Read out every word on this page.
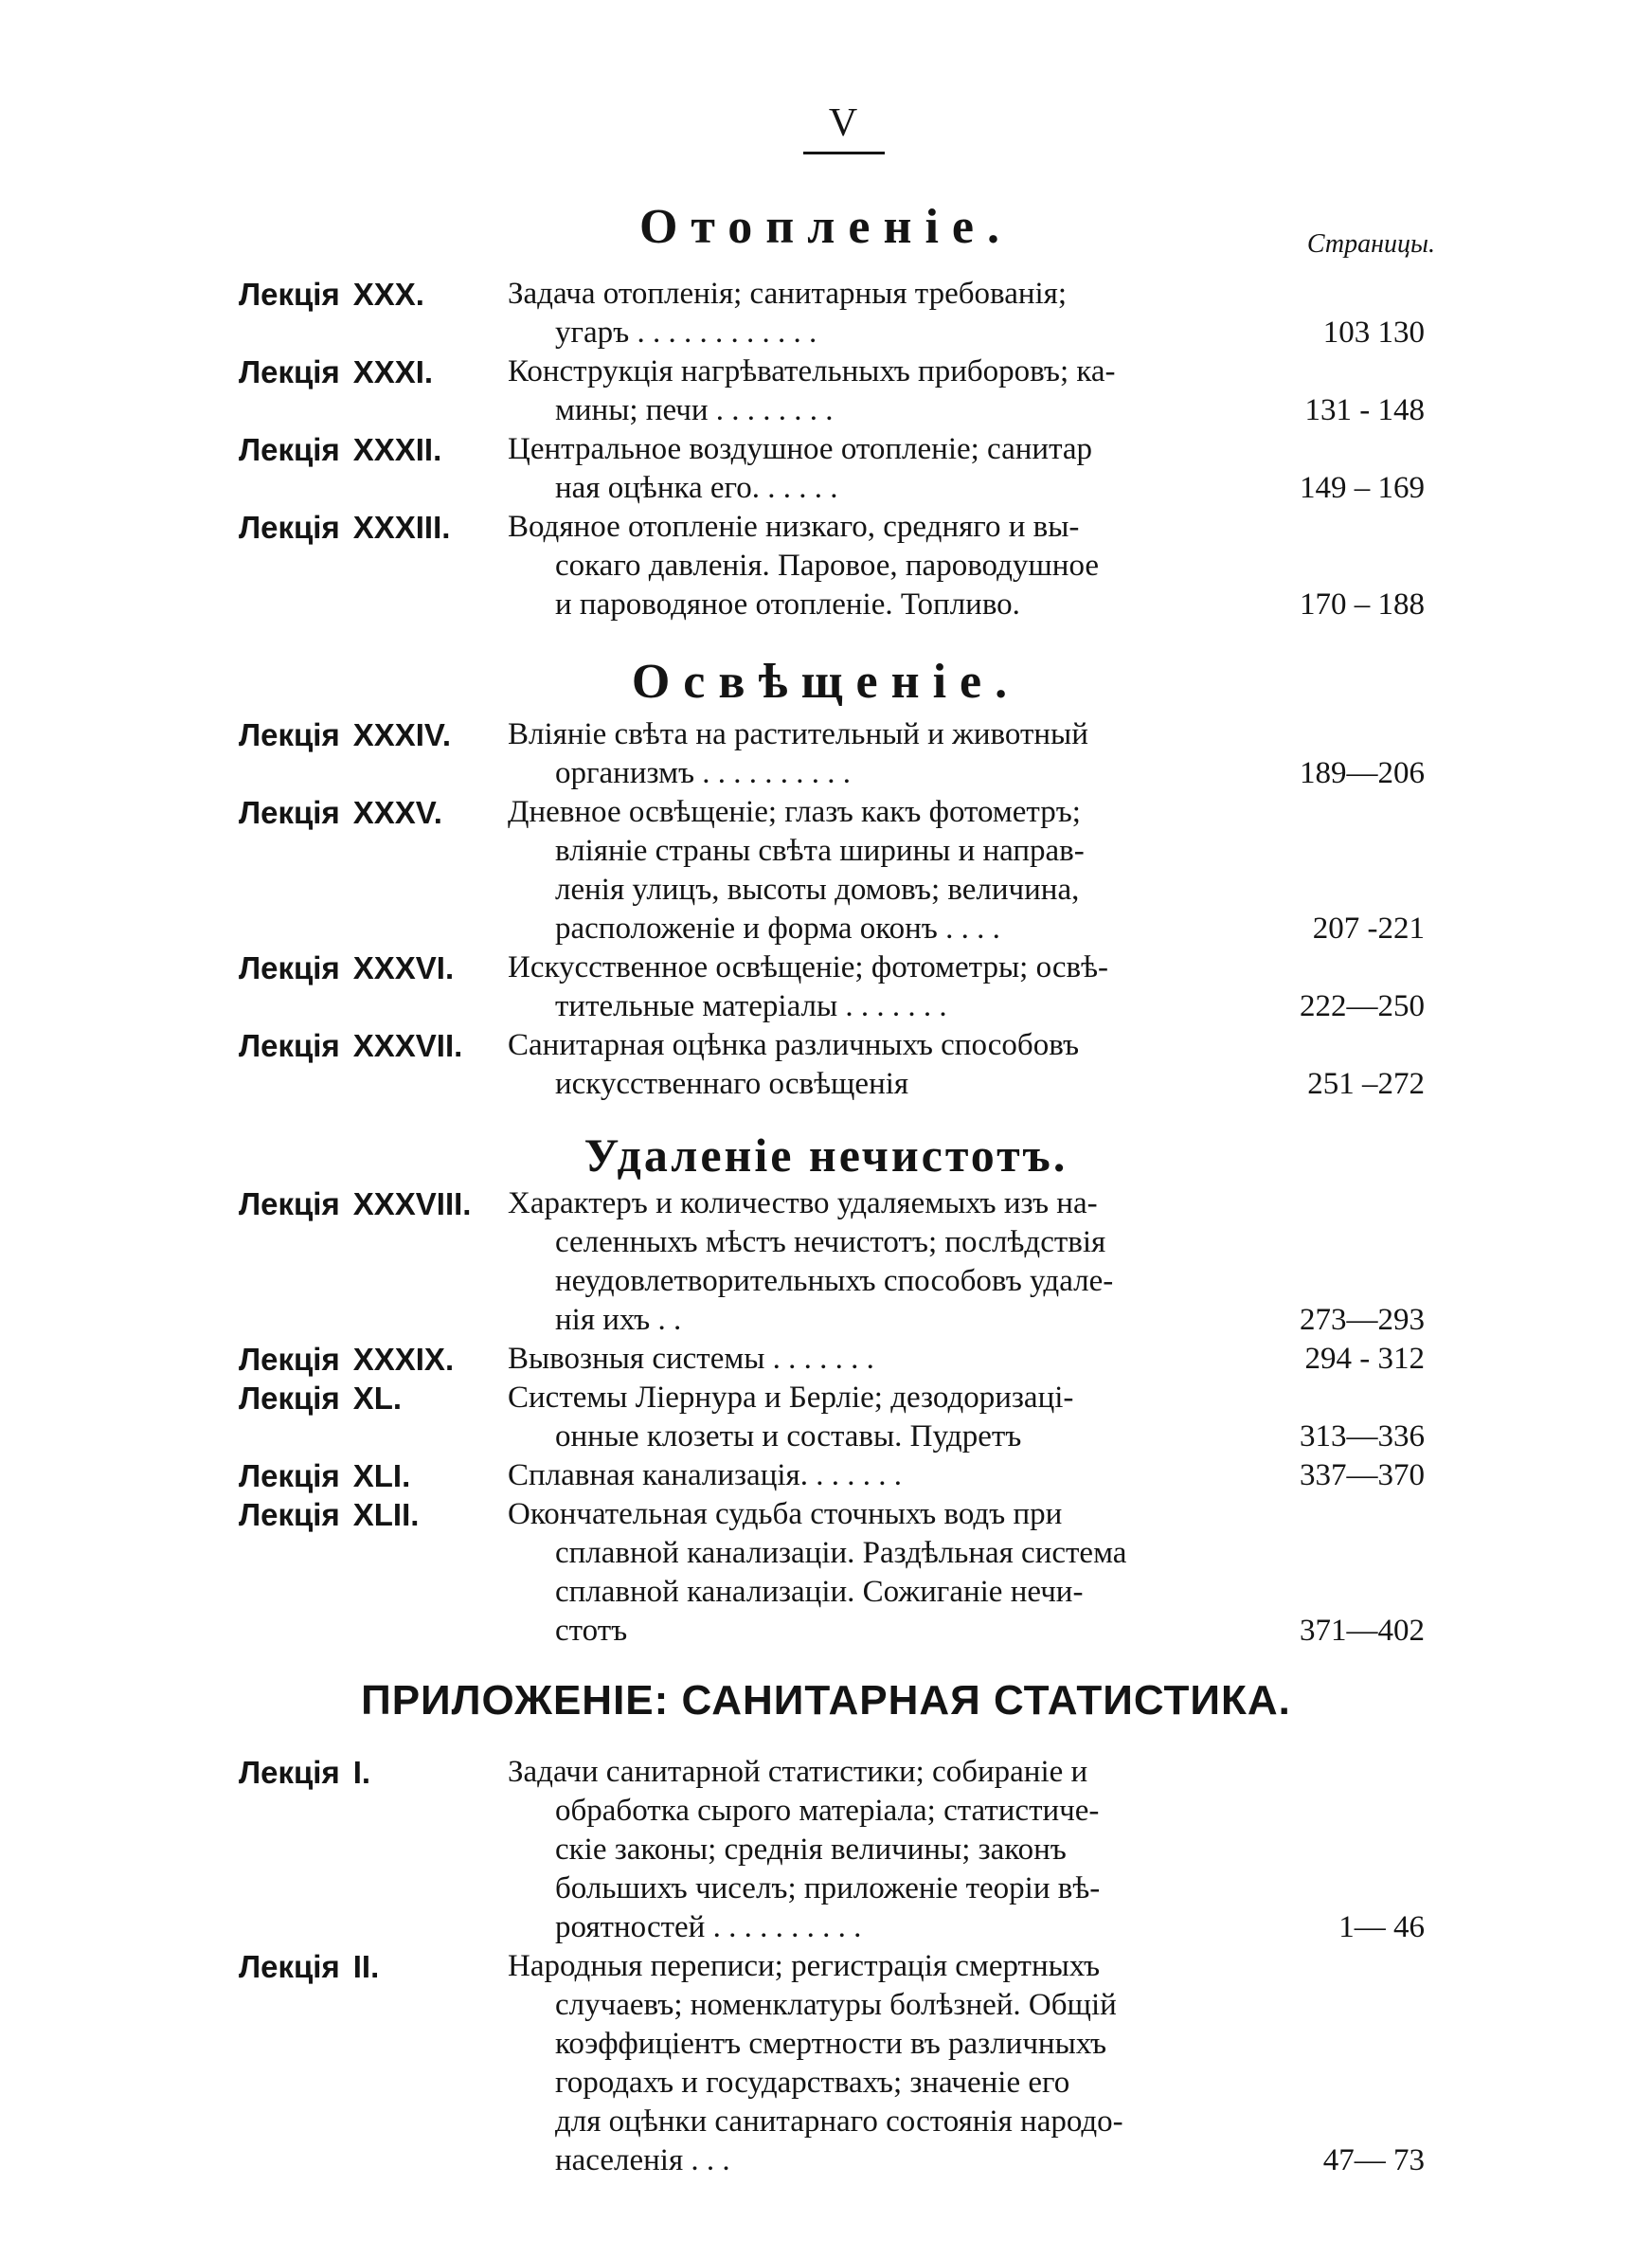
V
Страницы.
Отопленіе.
Лекція XXX.	Задача отопленія; санитарныя требованія;
угаръ . . . . . . . . . . . .	103 130
Лекція XXXI. Конструкція нагрѣвательныхъ приборовъ; ка-
мины; печи . . . . . . . .	131 - 148
Лекція XXXII. Центральное воздушное отопленіе; санитар
ная оцѣнка его. . . . . .	149 – 169
Лекція XXXIII. Водяное отопленіе низкаго, средняго и вы-
сокаго давленія. Паровое, пароводушное
и пароводяное отопленіе. Топливо.	170 – 188
Освѣщеніе.
Лекція XXXIV. Вліяніе свѣта на растительный и животный
организмъ . . . . . . . . . .	189—206
Лекція XXXV. Дневное освѣщеніе; глазъ какъ фотометръ;
вліяніе страны свѣта ширины и направ-
ленія улицъ, высоты домовъ; величина,
расположеніе и форма оконъ . . . .	207 -221
Лекція XXXVI. Искусственное освѣщеніе; фотометры; освѣ-
тительные матеріалы . . . . . . .	222—250
Лекція XXXVII. Санитарная оцѣнка различныхъ способовъ
искусственнаго освѣщенія	251 –272
Удаленіе нечистотъ.
Лекція XXXVIII. Характеръ и количество удаляемыхъ изъ на-
селенныхъ мѣстъ нечистотъ; послѣдствія
неудовлетворительныхъ способовъ удале-
нія ихъ . .	273—293
Лекція XXXIX. Вывозныя системы . . . . . . .	294 - 312
Лекція XL.	Системы Ліернура и Берліе; дезодоризаці-
онные клозеты и составы. Пудретъ	313—336
Лекція XLI.	Сплавная канализація. . . . . . .	337—370
Лекція XLII.	Окончательная судьба сточныхъ водъ при
сплавной канализаціи. Раздѣльная система
сплавной канализаціи. Сожиганіе нечи-
стотъ	371—402
ПРИЛОЖЕНІЕ: САНИТАРНАЯ СТАТИСТИКА.
Лекція I.	Задачи санитарной статистики; собираніе и
обработка сырого матеріала; статистиче-
скіе законы; среднія величины; законъ
большихъ чиселъ; приложеніе теоріи вѣ-
роятностей . . . . . . . . . .	1— 46
Лекція II.	Народныя переписи; регистрація смертныхъ
случаевъ; номенклатуры болѣзней. Общій
коэффиціентъ смертности въ различныхъ
городахъ и государствахъ; значеніе его
для оцѣнки санитарнаго состоянія народо-
населенія . . .	47— 73
